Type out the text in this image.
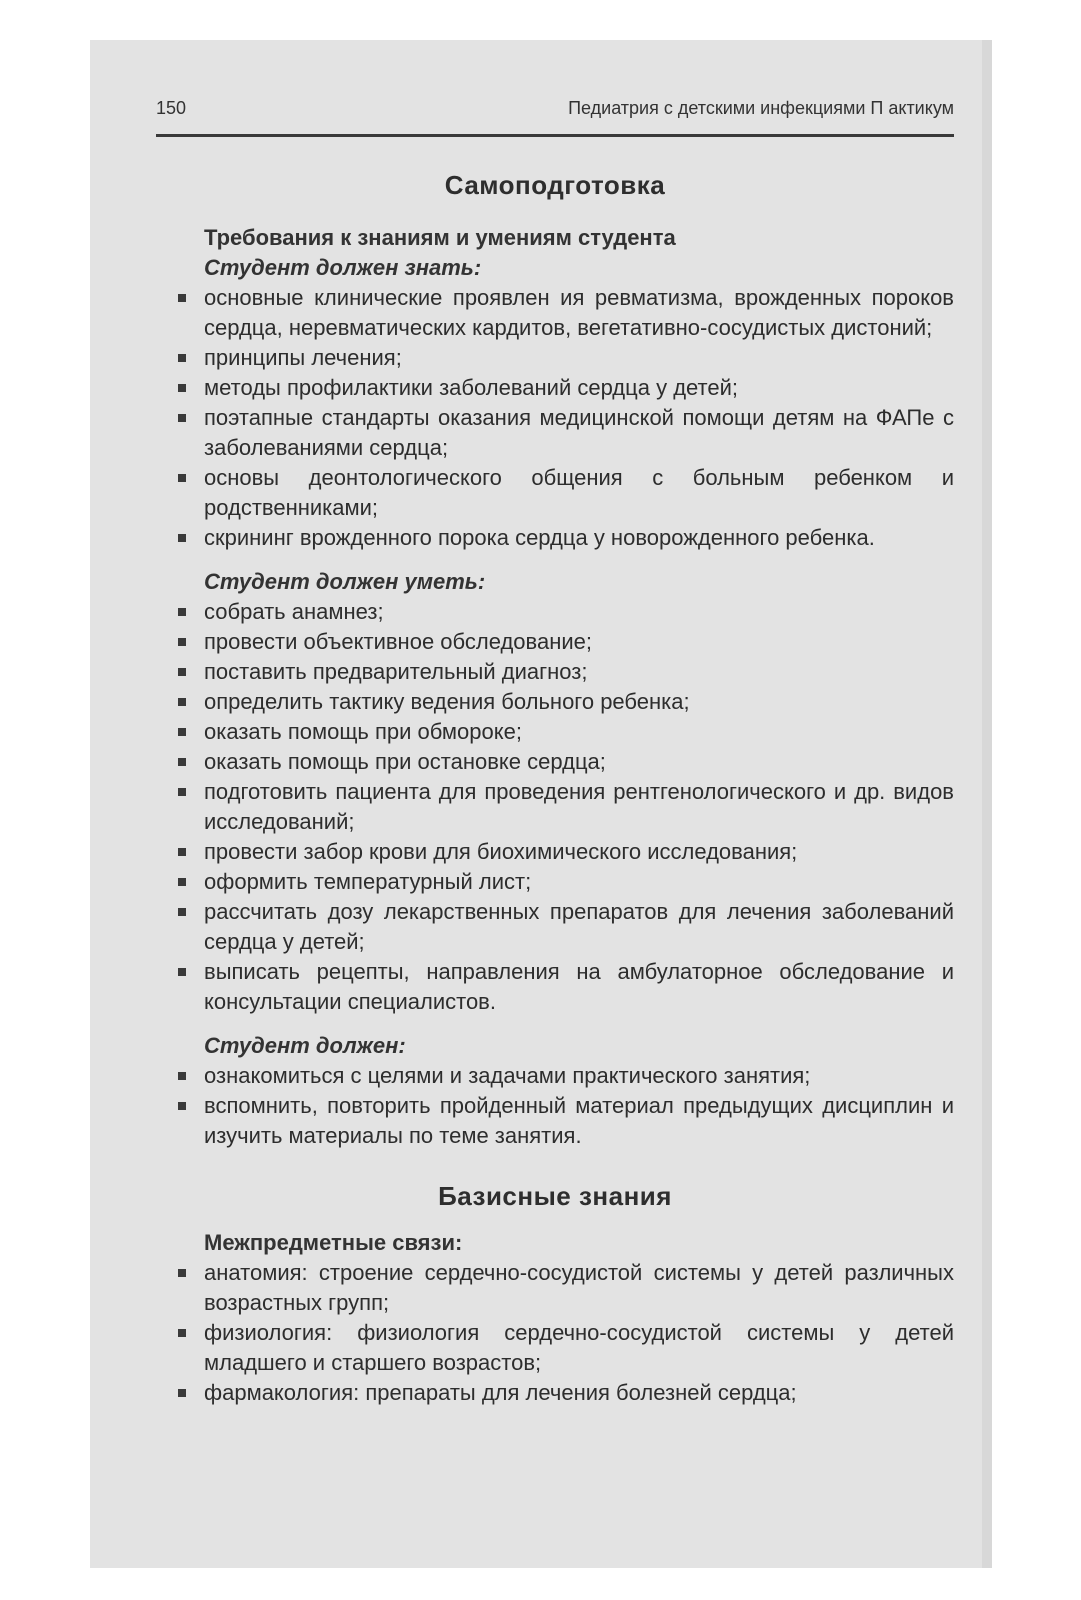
150	Педиатрия с детскими инфекциями П актикум
Самоподготовка
Требования к знаниям и умениям студента
Студент должен знать:
основные клинические проявлен ия ревматизма, врожденных пороков сердца, неревматических кардитов, вегетативно-сосудистых дистоний;
принципы лечения;
методы профилактики заболеваний сердца у детей;
поэтапные стандарты оказания медицинской помощи детям на ФАПе с заболеваниями сердца;
основы деонтологического общения с больным ребенком и родственниками;
скрининг врожденного порока сердца у новорожденного ребенка.
Студент должен уметь:
собрать анамнез;
провести объективное обследование;
поставить предварительный диагноз;
определить тактику ведения больного ребенка;
оказать помощь при обмороке;
оказать помощь при остановке сердца;
подготовить пациента для проведения рентгенологического и др. видов исследований;
провести забор крови для биохимического исследования;
оформить температурный лист;
рассчитать дозу лекарственных препаратов для лечения заболеваний сердца у детей;
выписать рецепты, направления на амбулаторное обследование и консультации специалистов.
Студент должен:
ознакомиться с целями и задачами практического занятия;
вспомнить, повторить пройденный материал предыдущих дисциплин и изучить материалы по теме занятия.
Базисные знания
Межпредметные связи:
анатомия: строение сердечно-сосудистой системы у детей различных возрастных групп;
физиология: физиология сердечно-сосудистой системы у детей младшего и старшего возрастов;
фармакология: препараты для лечения болезней сердца;
